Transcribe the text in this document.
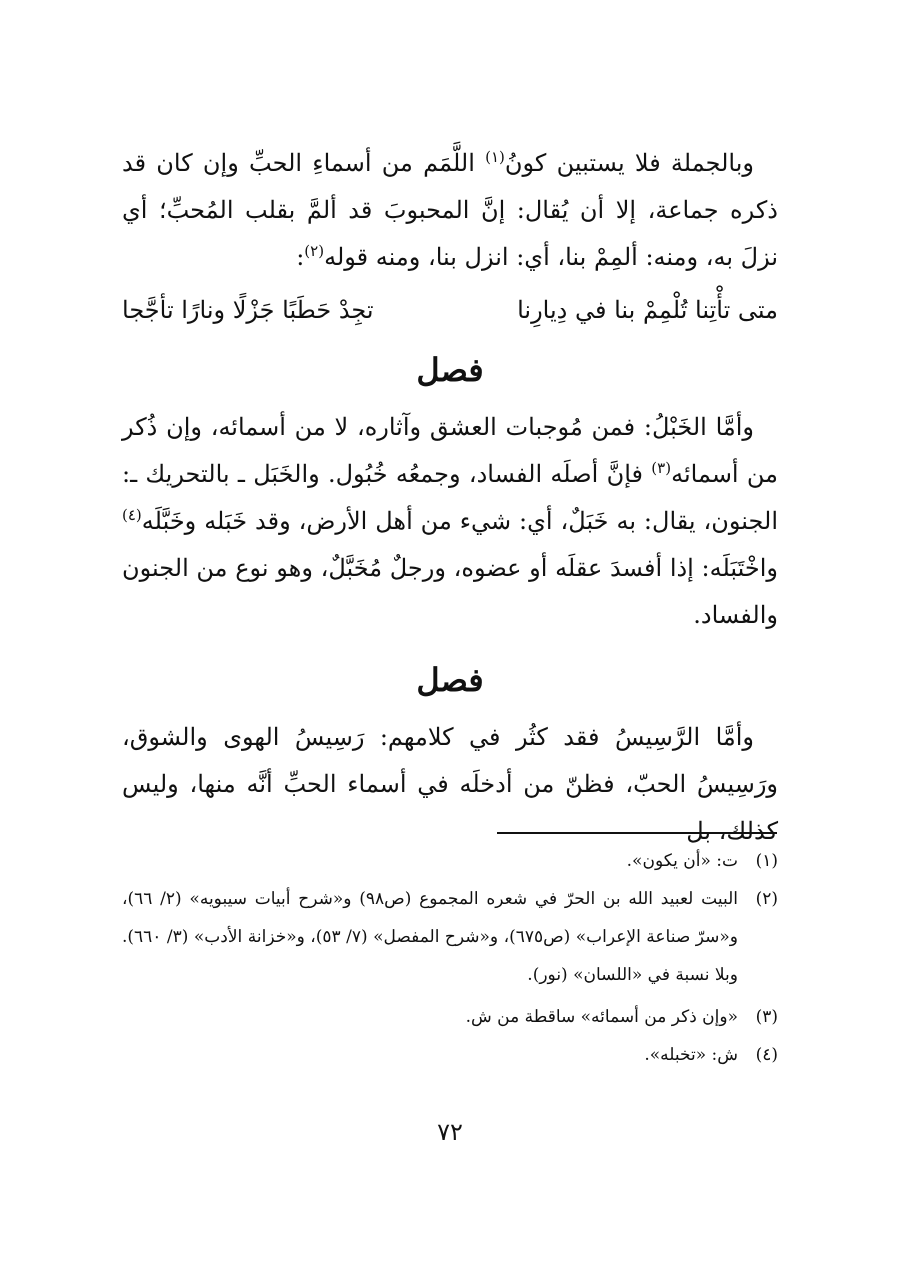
وبالجملة فلا يستبين كونُ$^{(١)}$ اللَّمَم من أسماءِ الحبِّ وإن كان قد ذكره جماعة، إلا أن يُقال: إنَّ المحبوبَ قد ألمَّ بقلب المُحبِّ؛ أي نزلَ به، ومنه: ألمِمْ بنا، أي: انزل بنا، ومنه قوله$^{(٢)}$:

متى تأْتِنا تُلْمِمْ بنا في دِيارِنا
تجِدْ حَطَبًا جَزْلًا ونارًا تأجَّجا
فصل

وأمَّا الخَبْلُ: فمن مُوجبات العشق وآثاره، لا من أسمائه، وإن ذُكر من أسمائه$^{(٣)}$ فإنَّ أصلَه الفساد، وجمعُه خُبُول. والخَبَل ـ بالتحريك ـ: الجنون، يقال: به خَبَلٌ، أي: شيء من أهل الأرض، وقد خَبَله وخَبَّلَه$^{(٤)}$ واخْتَبَلَه: إذا أفسدَ عقلَه أو عضوه، ورجلٌ مُخَبَّلٌ، وهو نوع من الجنون والفساد.

فصل

وأمَّا الرَّسِيسُ فقد كثُر في كلامهم: رَسِيسُ الهوى والشوق، ورَسِيسُ الحبّ، فظنّ من أدخلَه في أسماء الحبِّ أنَّه منها، وليس كذلك، بل

(١)
ت: «أن يكون».
(٢)
البيت لعبيد الله بن الحرّ في شعره المجموع (ص٩٨) و«شرح أبيات سيبويه» (٢/ ٦٦)، و«سرّ صناعة الإعراب» (ص٦٧٥)، و«شرح المفصل» (٧/ ٥٣)، و«خزانة الأدب» (٣/ ٦٦٠). وبلا نسبة في «اللسان» (نور).
(٣)
«وإن ذكر من أسمائه» ساقطة من ش.
(٤)
ش: «تخبله».
٧٢
